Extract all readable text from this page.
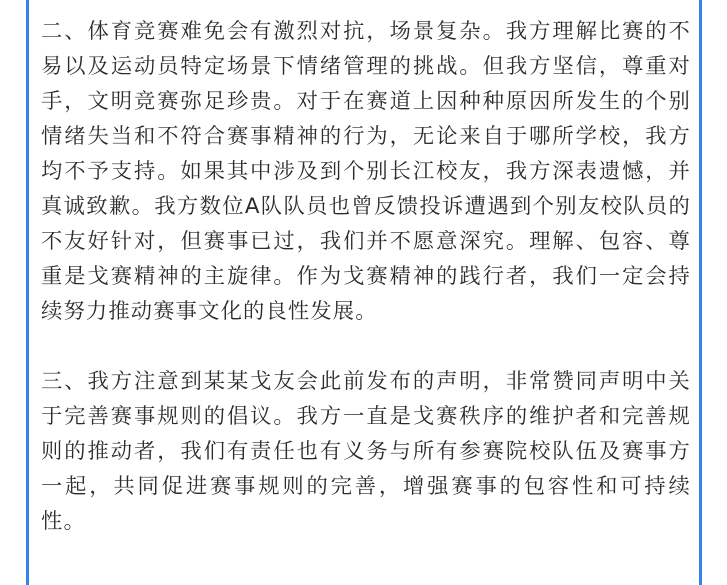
二、体育竞赛难免会有激烈对抗，场景复杂。我方理解比赛的不易以及运动员特定场景下情绪管理的挑战。但我方坚信，尊重对手，文明竞赛弥足珍贵。对于在赛道上因种种原因所发生的个别情绪失当和不符合赛事精神的行为，无论来自于哪所学校，我方均不予支持。如果其中涉及到个别长江校友，我方深表遗憾，并真诚致歉。我方数位A队队员也曾反馈投诉遭遇到个别友校队员的不友好针对，但赛事已过，我们并不愿意深究。理解、包容、尊重是戈赛精神的主旋律。作为戈赛精神的践行者，我们一定会持续努力推动赛事文化的良性发展。

三、我方注意到某某戈友会此前发布的声明，非常赞同声明中关于完善赛事规则的倡议。我方一直是戈赛秩序的维护者和完善规则的推动者，我们有责任也有义务与所有参赛院校队伍及赛事方一起，共同促进赛事规则的完善，增强赛事的包容性和可持续性。
